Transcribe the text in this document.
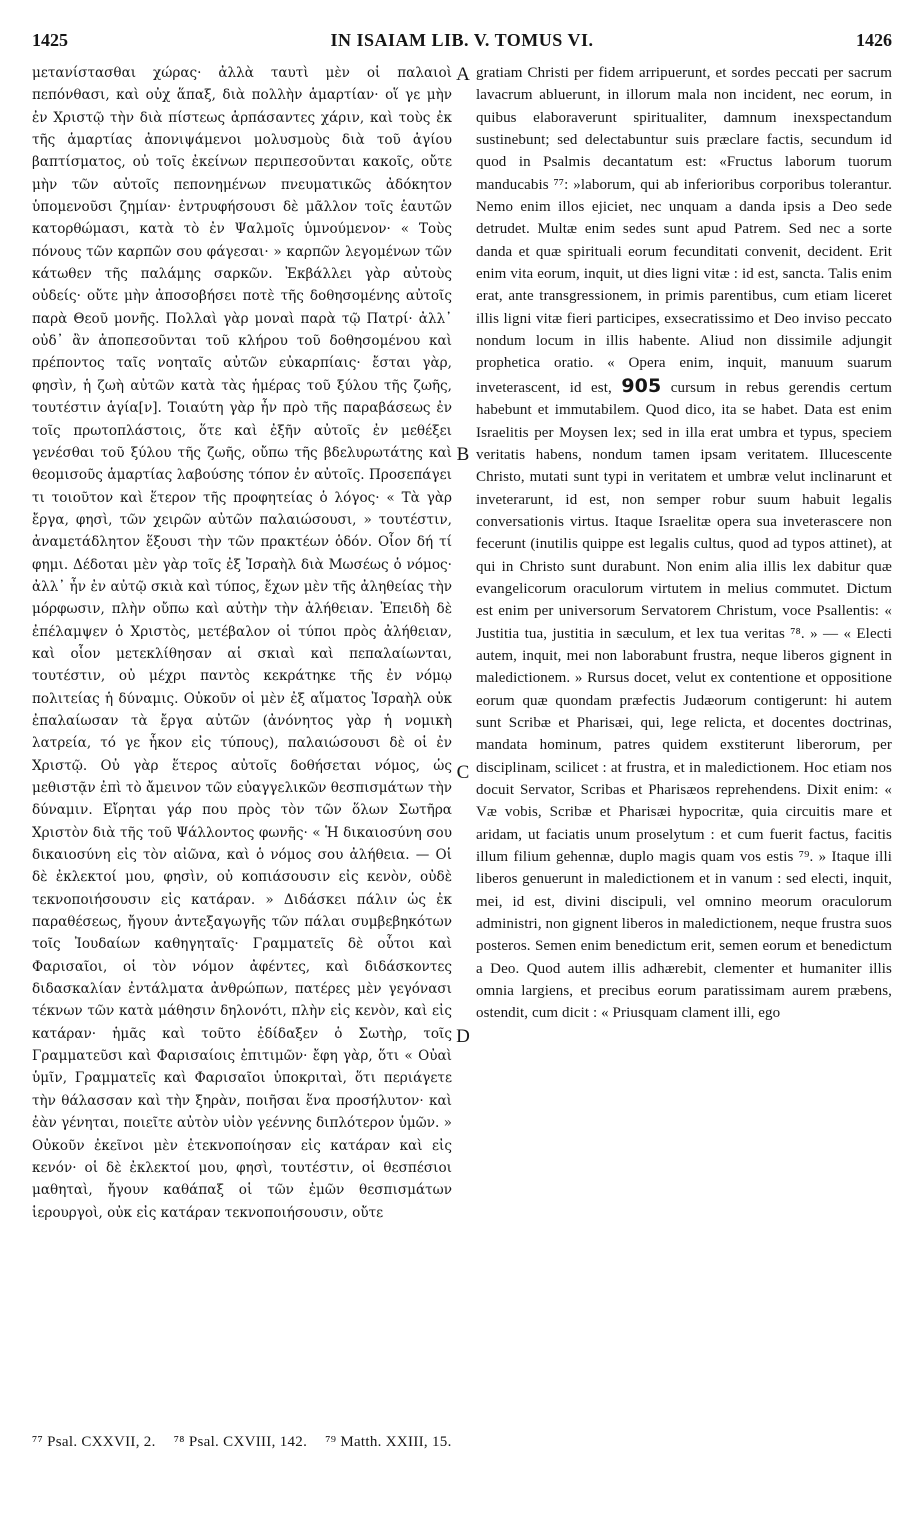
1425	IN ISAIAM LIB. V. TOMUS VI.	1426

μετανίστασθαι χώρας· ἀλλὰ ταυτὶ μὲν οἱ παλαιοὶ πεπόνθασι, καὶ οὐχ ἅπαξ, διὰ πολλὴν ἁμαρτίαν· οἵ γε μὴν ἐν Χριστῷ τὴν διὰ πίστεως ἁρπάσαντες χάριν, καὶ τοὺς ἐκ τῆς ἁμαρτίας ἀπονιψάμενοι μολυσμοὺς διὰ τοῦ ἁγίου βαπτίσματος, οὐ τοῖς ἐκείνων περιπεσοῦνται κακοῖς, οὔτε μὴν τῶν αὐτοῖς πεπονημένων πνευματικῶς ἀδόκητον ὑπομενοῦσι ζημίαν· ἐντρυφήσουσι δὲ μᾶλλον τοῖς ἑαυτῶν κατορθώμασι, κατὰ τὸ ἐν Ψαλμοῖς ὑμνούμενον· « Τοὺς πόνους τῶν καρπῶν σου φάγεσαι· » καρπῶν λεγομένων τῶν κάτωθεν τῆς παλάμης σαρκῶν. Ἐκβάλλει γὰρ αὐτοὺς οὐδείς· οὔτε μὴν ἀποσοβήσει ποτὲ τῆς δοθησομένης αὐτοῖς παρὰ Θεοῦ μονῆς. Πολλαὶ γὰρ μοναὶ παρὰ τῷ Πατρί· ἀλλ᾽ οὐδ᾽ ἂν ἀποπεσοῦνται τοῦ κλήρου τοῦ δοθησομένου καὶ πρέποντος ταῖς νοηταῖς αὐτῶν εὐκαρπίαις· ἔσται γὰρ, φησὶν, ἡ ζωὴ αὐτῶν κατὰ τὰς ἡμέρας τοῦ ξύλου τῆς ζωῆς, τουτέστιν ἁγία[ν]. Τοιαύτη γὰρ ἦν πρὸ τῆς παραβάσεως ἐν τοῖς πρωτοπλάστοις, ὅτε καὶ ἐξῆν αὐτοῖς ἐν μεθέξει γενέσθαι τοῦ ξύλου τῆς ζωῆς, οὔπω τῆς βδελυρωτάτης καὶ θεομισοῦς ἁμαρτίας λαβούσης τόπον ἐν αὐτοῖς. Προσεπάγει τι τοιοῦτον καὶ ἕτερον τῆς προφητείας ὁ λόγος· « Τὰ γὰρ ἔργα, φησὶ, τῶν χειρῶν αὐτῶν παλαιώσουσι, » τουτέστιν, ἀναμετάδλητον ἕξουσι τὴν τῶν πρακτέων ὁδόν. Οἷον δή τί φημι. Δέδοται μὲν γὰρ τοῖς ἐξ Ἰσραὴλ διὰ Μωσέως ὁ νόμος· ἀλλ᾽ ἦν ἐν αὐτῷ σκιὰ καὶ τύπος, ἔχων μὲν τῆς ἀληθείας τὴν μόρφωσιν, πλὴν οὔπω καὶ αὐτὴν τὴν ἀλήθειαν. Ἐπειδὴ δὲ ἐπέλαμψεν ὁ Χριστὸς, μετέβαλον οἱ τύποι πρὸς ἀλήθειαν, καὶ οἷον μετεκλίθησαν αἱ σκιαὶ καὶ πεπαλαίωνται, τουτέστιν, οὐ μέχρι παντὸς κεκράτηκε τῆς ἐν νόμῳ πολιτείας ἡ δύναμις. Οὐκοῦν οἱ μὲν ἐξ αἵματος Ἰσραὴλ οὐκ ἐπαλαίωσαν τὰ ἔργα αὐτῶν (ἀνόνητος γὰρ ἡ νομικὴ λατρεία, τό γε ἧκον εἰς τύπους), παλαιώσουσι δὲ οἱ ἐν Χριστῷ. Οὐ γὰρ ἕτερος αὐτοῖς δοθήσεται νόμος, ὡς μεθιστᾷν ἐπὶ τὸ ἄμεινον τῶν εὐαγγελικῶν θεσπισμάτων τὴν δύναμιν. Εἴρηται γάρ που πρὸς τὸν τῶν ὅλων Σωτῆρα Χριστὸν διὰ τῆς τοῦ Ψάλλοντος φωνῆς· « Ἡ δικαιοσύνη σου δικαιοσύνη εἰς τὸν αἰῶνα, καὶ ὁ νόμος σου ἀλήθεια. — Οἱ δὲ ἐκλεκτοί μου, φησὶν, οὐ κοπιάσουσιν εἰς κενὸν, οὐδὲ τεκνοποιήσουσιν εἰς κατάραν. » Διδάσκει πάλιν ὡς ἐκ παραθέσεως, ἤγουν ἀντεξαγωγῆς τῶν πάλαι συμβεβηκότων τοῖς Ἰουδαίων καθηγηταῖς· Γραμματεῖς δὲ οὗτοι καὶ Φαρισαῖοι, οἱ τὸν νόμον ἀφέντες, καὶ διδάσκοντες διδασκαλίαν ἐντάλματα ἀνθρώπων, πατέρες μὲν γεγόνασι τέκνων τῶν κατὰ μάθησιν δηλονότι, πλὴν εἰς κενὸν, καὶ εἰς κατάραν· ἡμᾶς καὶ τοῦτο ἐδίδαξεν ὁ Σωτὴρ, τοῖς Γραμματεῦσι καὶ Φαρισαίοις ἐπιτιμῶν· ἔφη γὰρ, ὅτι « Οὐαὶ ὑμῖν, Γραμματεῖς καὶ Φαρισαῖοι ὑποκριταὶ, ὅτι περιάγετε τὴν θάλασσαν καὶ τὴν ξηρὰν, ποιῆσαι ἕνα προσήλυτον· καὶ ἐὰν γένηται, ποιεῖτε αὐτὸν υἱὸν γεέννης διπλότερον ὑμῶν. » Οὐκοῦν ἐκεῖνοι μὲν ἐτεκνοποίησαν εἰς κατάραν καὶ εἰς κενόν· οἱ δὲ ἐκλεκτοί μου, φησὶ, τουτέστιν, οἱ θεσπέσιοι μαθηταὶ, ἤγουν καθάπαξ οἱ τῶν ἐμῶν θεσπισμάτων ἱερουργοὶ, οὐκ εἰς κατάραν τεκνοποιήσουσιν, οὔτε

A
B
C
D

gratiam Christi per fidem arripuerunt, et sordes peccati per sacrum lavacrum abluerunt, in illorum mala non incident, nec eorum, in quibus elaboraverunt spiritualiter, damnum inexspectandum sustinebunt; sed delectabuntur suis præclare factis, secundum id quod in Psalmis decantatum est: «Fructus laborum tuorum manducabis ⁷⁷: »laborum, qui ab inferioribus corporibus tolerantur. Nemo enim illos ejiciet, nec unquam a danda ipsis a Deo sede detrudet. Multæ enim sedes sunt apud Patrem. Sed nec a sorte danda et quæ spirituali eorum fecunditati convenit, decident. Erit enim vita eorum, inquit, ut dies ligni vitæ : id est, sancta. Talis enim erat, ante transgressionem, in primis parentibus, cum etiam liceret illis ligni vitæ fieri participes, exsecratissimo et Deo inviso peccato nondum locum in illis habente. Aliud non dissimile adjungit prophetica oratio. « Opera enim, inquit, manuum suarum inveterascent, id est, 905 cursum in rebus gerendis certum habebunt et immutabilem. Quod dico, ita se habet. Data est enim Israelitis per Moysen lex; sed in illa erat umbra et typus, speciem veritatis habens, nondum tamen ipsam veritatem. Illucescente Christo, mutati sunt typi in veritatem et umbræ velut inclinarunt et inveterarunt, id est, non semper robur suum habuit legalis conversationis virtus. Itaque Israelitæ opera sua inveterascere non fecerunt (inutilis quippe est legalis cultus, quod ad typos attinet), at qui in Christo sunt durabunt. Non enim alia illis lex dabitur quæ evangelicorum oraculorum virtutem in melius commutet. Dictum est enim per universorum Servatorem Christum, voce Psallentis: « Justitia tua, justitia in sæculum, et lex tua veritas ⁷⁸. » — « Electi autem, inquit, mei non laborabunt frustra, neque liberos gignent in maledictionem. » Rursus docet, velut ex contentione et oppositione eorum quæ quondam præfectis Judæorum contigerunt: hi autem sunt Scribæ et Pharisæi, qui, lege relicta, et docentes doctrinas, mandata hominum, patres quidem exstiterunt liberorum, per disciplinam, scilicet : at frustra, et in maledictionem. Hoc etiam nos docuit Servator, Scribas et Pharisæos reprehendens. Dixit enim: « Væ vobis, Scribæ et Pharisæi hypocritæ, quia circuitis mare et aridam, ut faciatis unum proselytum : et cum fuerit factus, facitis illum filium gehennæ, duplo magis quam vos estis ⁷⁹. » Itaque illi liberos genuerunt in maledictionem et in vanum : sed electi, inquit, mei, id est, divini discipuli, vel omnino meorum oraculorum administri, non gignent liberos in maledictionem, neque frustra suos posteros. Semen enim benedictum erit, semen eorum et benedictum a Deo. Quod autem illis adhærebit, clementer et humaniter illis omnia largiens, et precibus eorum paratissimam aurem præbens, ostendit, cum dicit : « Priusquam clament illi, ego

⁷⁷ Psal. CXXVII, 2. ⁷⁸ Psal. CXVIII, 142. ⁷⁹ Matth. XXIII, 15.
